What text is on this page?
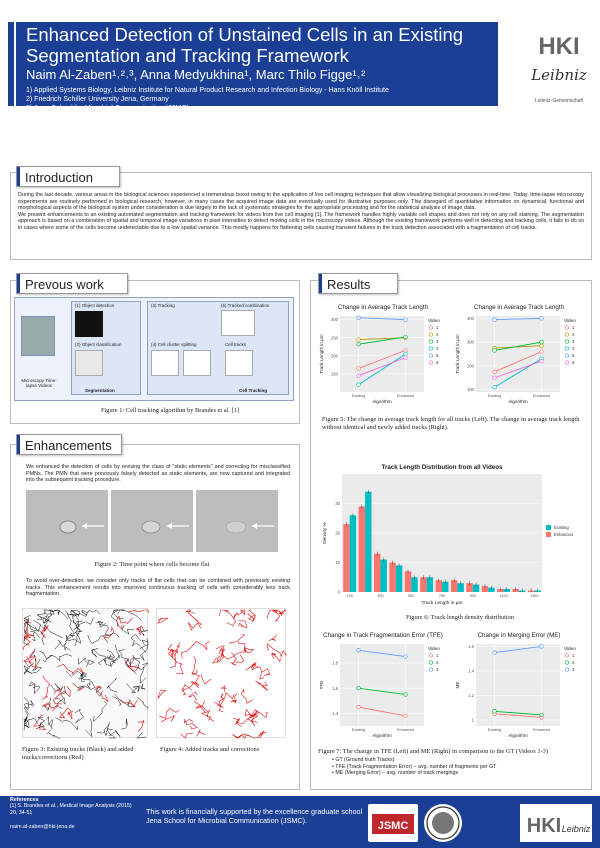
Enhanced Detection of Unstained Cells in an Existing Segmentation and Tracking Framework
Naim Al-Zaben¹˒²˒³, Anna Medyukhina¹, Marc Thilo Figge¹˒²
1) Applied Systems Biology, Leibniz Institute for Natural Product Research and Infection Biology - Hans Knöll Institute
2) Friedrich Schiller University Jena, Germany
3) Jena School for Microbial Communication (JSMC)
HKI
Leibniz
Leibniz-Gemeinschaft
Introduction
During the last decade, various areas in the biological sciences experienced a tremendous boost owing to the application of live cell imaging techniques that allow visualizing biological processes in real-time. Today, time-lapse microscopy experiments are routinely performed in biological research, however, in many cases the acquired image data are eventually used for illustrative purposes only. This disregard of quantitative information on dynamical, functional and morphological aspects of the biological system under consideration is due largely to the lack of systematic strategies for the appropriate processing and for the statistical analysis of image data.
We present enhancements to an existing automated segmentation and tracking framework for videos from live cell imaging [1]. The framework handles highly variable cell shapes and does not rely on any cell staining. The segmentation approach is based on a combination of spatial and temporal image variations in pixel intensities to detect moving cells in the microscopy videos. Although the existing framework performs well in detecting and tracking cells, it fails to do so in cases where some of the cells become undetectable due to a low spatial variance. This mostly happens for flattening cells causing transient failures in the track detection associated with a fragmentation of cell tracks.
Prevous work
Microscopy Time-lapse Videos
(1) Object detection
(2) Object classification
Segmentation
(3) Tracking	(5) Tracked combination
(4) Cell cluster splitting	Cell tracks
Cell Tracking
Figure 1: Cell tracking algorithm by Brandes et al. [1]
Enhancements
We enhanced the detection of cells by revising the class of "static elements" and correcting for misclassified PMNs. The PMN that were previously falsely detected as static elements, are now captured and integrated into the subsequent tracking procedure.
Figure 2: Time point where cells become flat
To avoid over-detection, we consider only tracks of flat cells that can be combined with previously existing tracks. This enhancement results into improved continuous tracking of cells with considerably less track fragmentation.
Figure 3: Existing tracks (Black) and added tracks/corrections (Red)
Figure 4: Added tracks and corrections
Results
Change in Average Track Length
150
200
250
300
Existing	Enhanced
Algorithm
Track Length in µm
Video
1
2
3
4
5
6
Change in Average Track Length
100
200
300
400
Existing	Enhanced
Algorithm
Track Length in µm
Video
1
2
3
4
5
6
Figure 5: The change in average track length for all tracks (Left). The change in average track length without identical and newly added tracks (Right).
Track Length Distribution from all Videos
0
10
20
30
100	300	500	700	900	1100	1300
Track Length in µm
Density %	Existing
Enhanced
Figure 6: Track length density distribution
Change in Track Fragmentation Error (TFE)
1.4
1.6
1.8
Existing	Enhanced
Algorithm
TFE
Video
1
2
3
Change in Merging Error (ME)
1
1.2
1.4
1.6
Existing	Enhanced
Algorithm
ME
Video
1
2
3
Figure 7: The change in TFE (Left) and ME (Right) in comparison to the GT (Videos 1-3)
• GT (Ground truth Tracks)
• TFE (Track Fragmentation Error) – avg. number of fragments per GT
• ME (Merging Error) – avg. number of track mergings
References
[1] S. Brandes et al., Medical Image Analysis (2015) 20, 34-51
naim.al-zaben@hki-jena.de
This work is financially supported by the excellence graduate school Jena School for Microbial Communication (JSMC).	JSMC	HKI Leibniz
